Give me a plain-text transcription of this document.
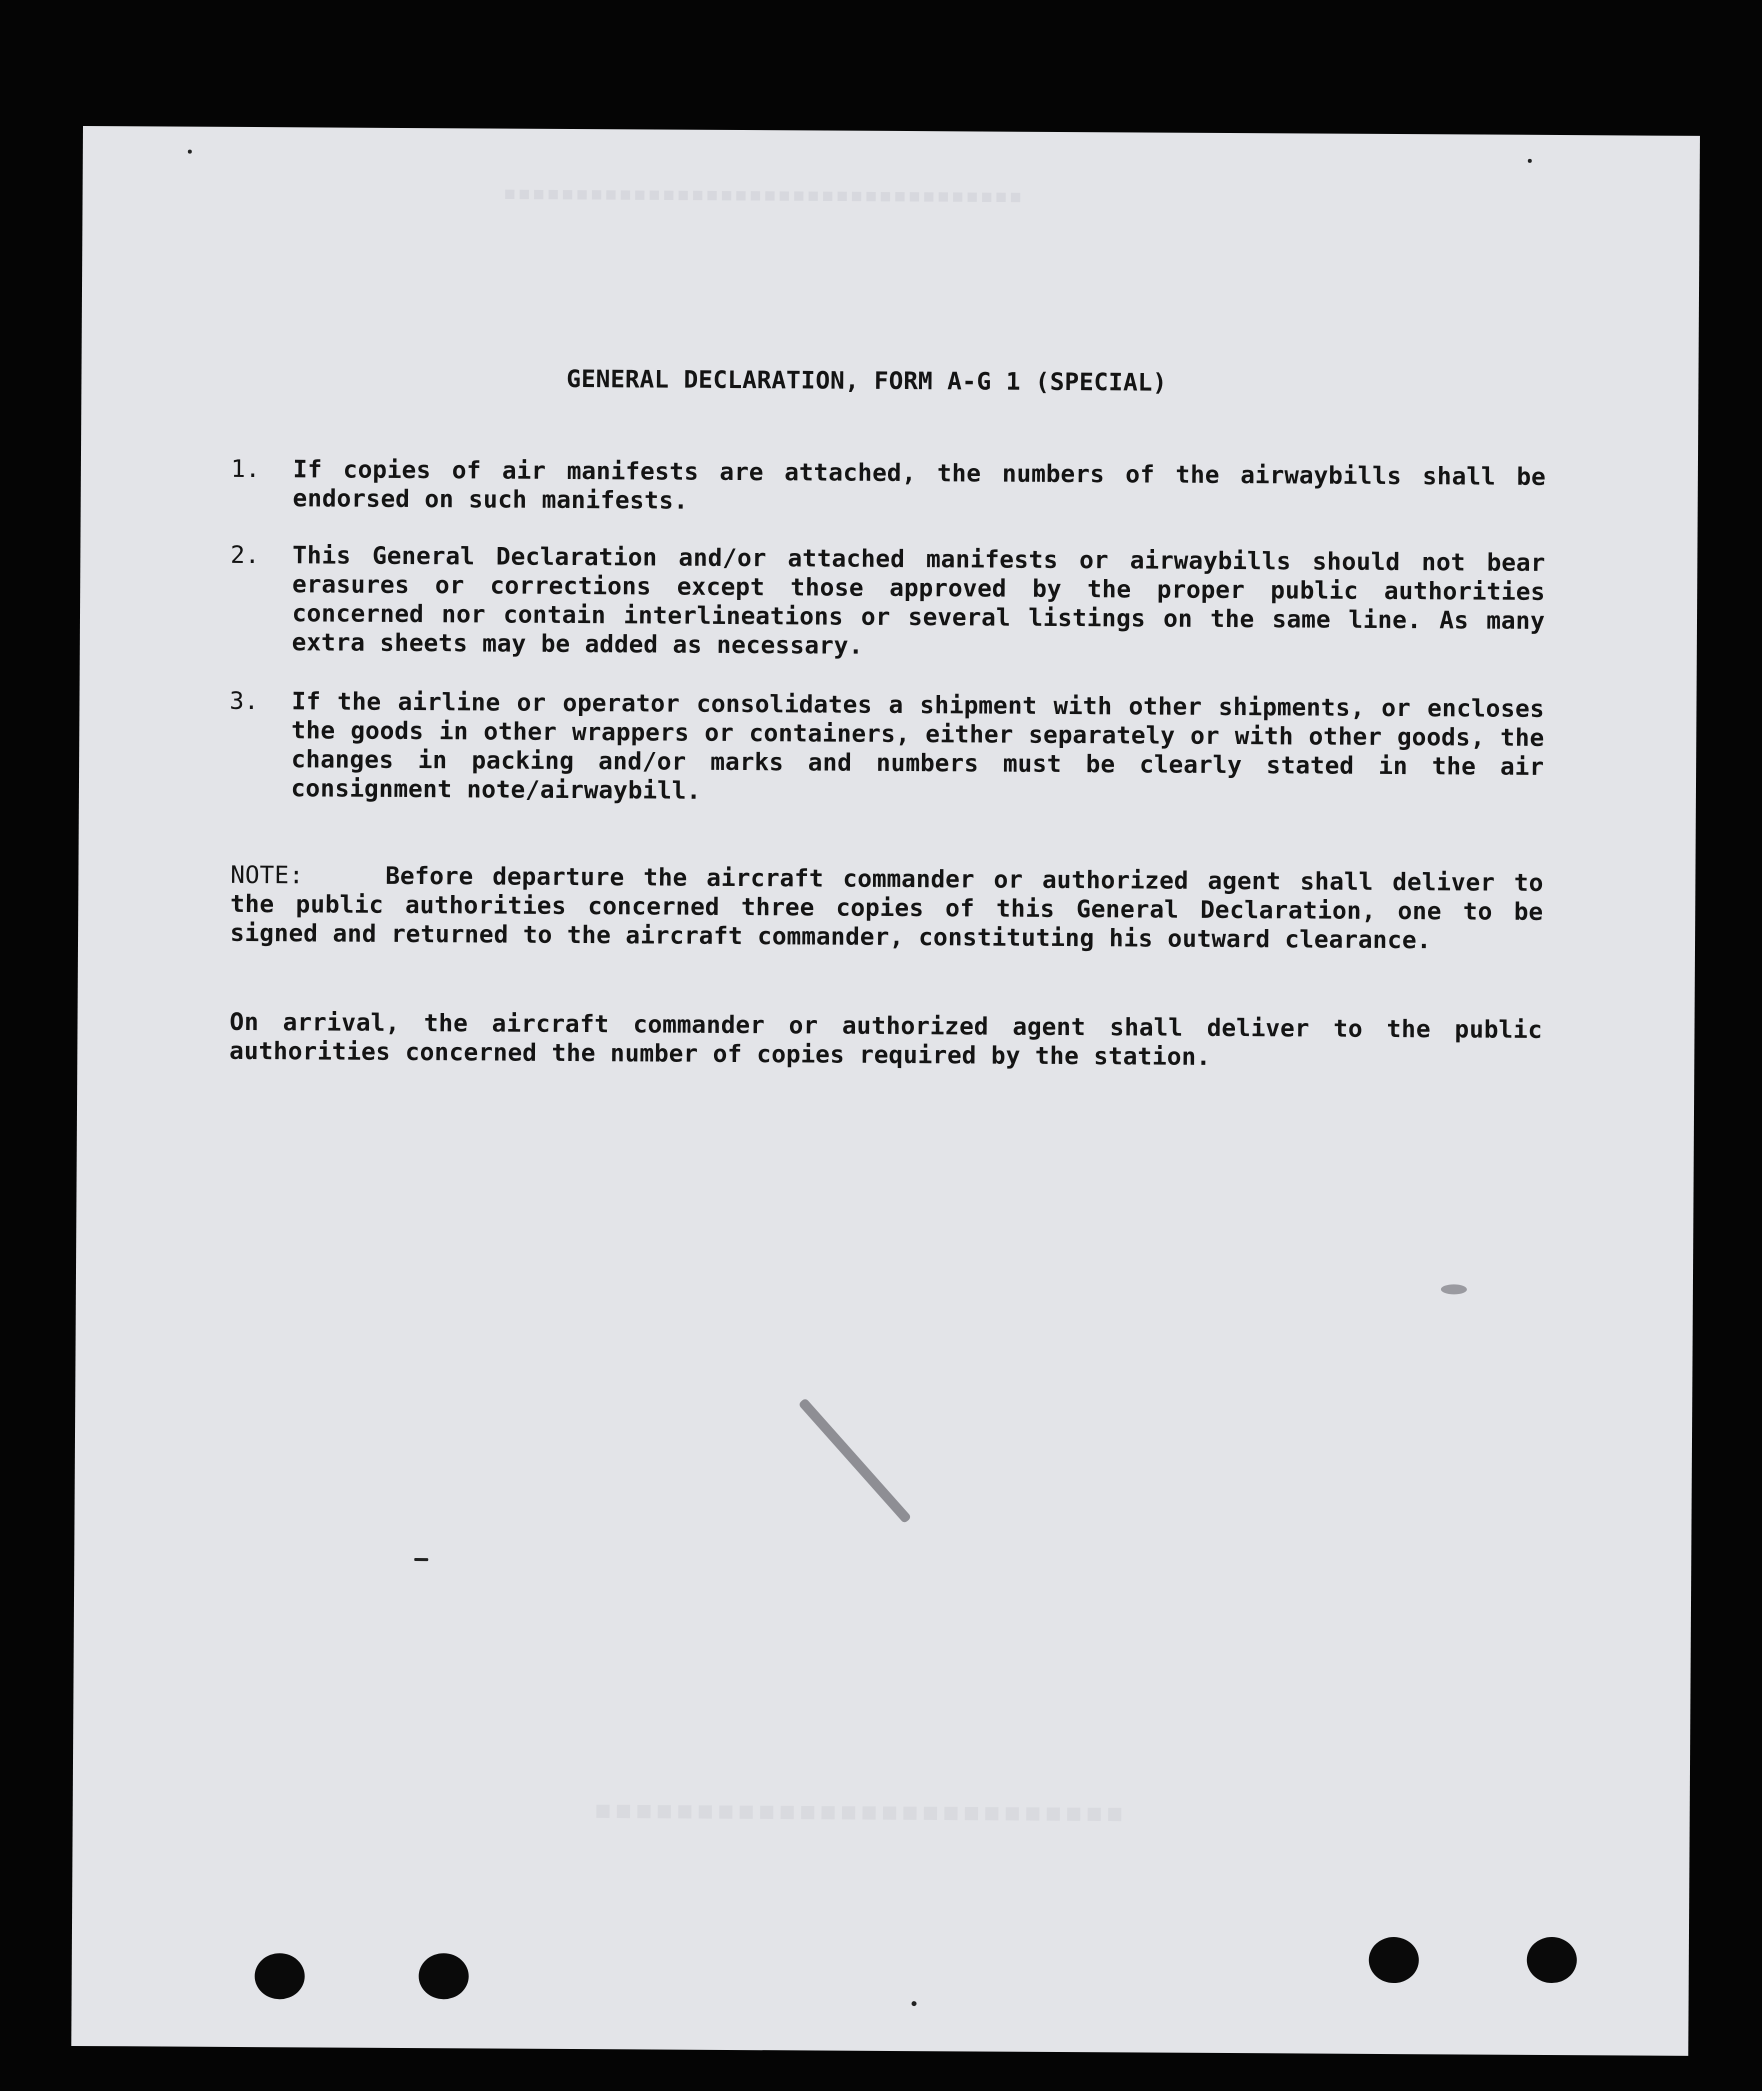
▪▪▪▪▪▪▪▪▪▪▪▪▪▪▪▪▪▪▪▪▪▪▪▪▪▪▪▪▪▪▪▪▪▪▪▪
▪▪▪▪▪▪▪▪▪▪▪▪▪▪▪▪▪▪▪▪▪▪▪▪▪▪
GENERAL DECLARATION, FORM A-G 1 (SPECIAL)
1. If copies of air manifests are attached, the numbers of the airwaybills shall be endorsed on such manifests.
2. This General Declaration and/or attached manifests or airwaybills should not bear erasures or corrections except those approved by the proper public authorities concerned nor contain interlineations or several listings on the same line. As many extra sheets may be added as necessary.
3. If the airline or operator consolidates a shipment with other shipments, or encloses the goods in other wrappers or containers, either separately or with other goods, the changes in packing and/or marks and numbers must be clearly stated in the air consignment note/airwaybill.
NOTE:	Before departure the aircraft commander or authorized agent shall deliver to the public authorities concerned three copies of this General Declaration, one to be signed and returned to the aircraft commander, constituting his outward clearance.
On arrival, the aircraft commander or authorized agent shall deliver to the public authorities concerned the number of copies required by the station.
